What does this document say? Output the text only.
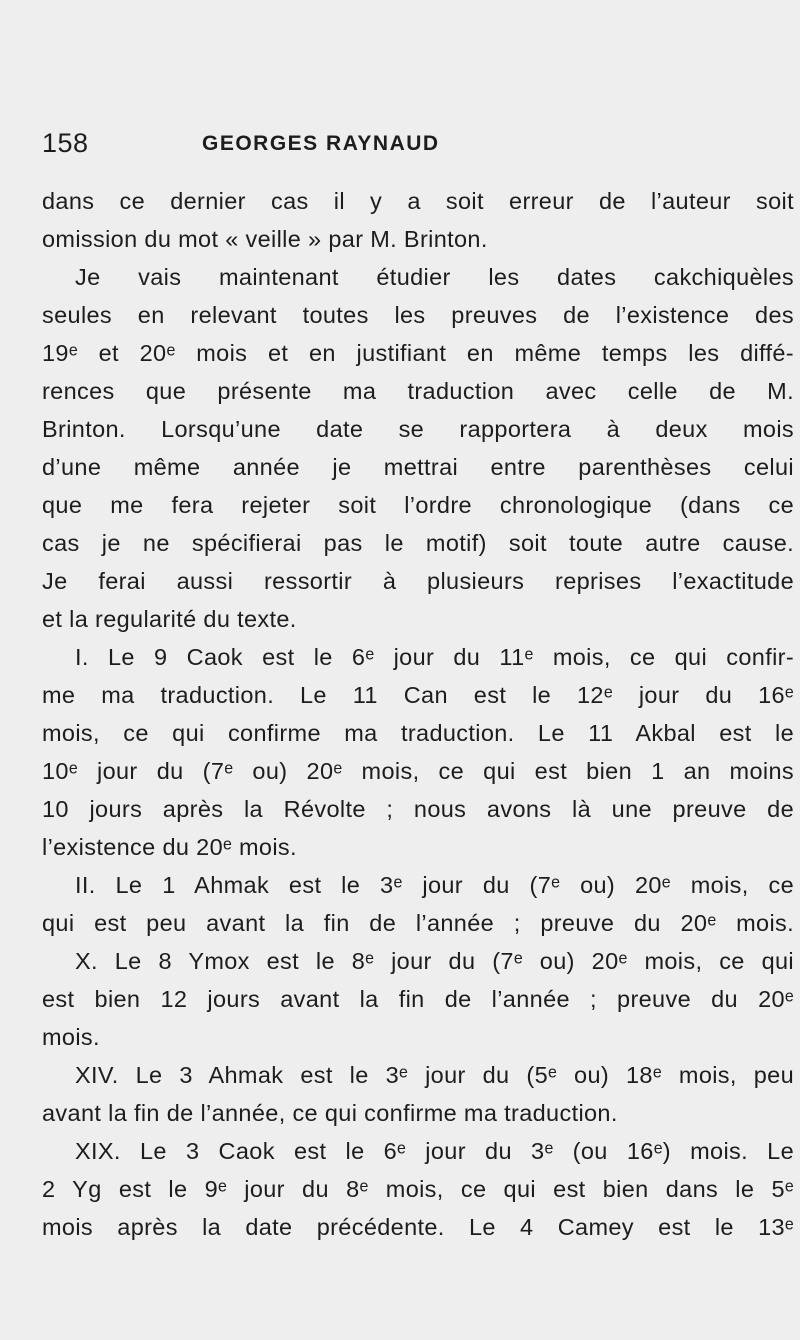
158	GEORGES RAYNAUD
dans ce dernier cas il y a soit erreur de l’auteur soit
omission du mot « veille » par M. Brinton.
Je vais maintenant étudier les dates cakchiquèles
seules en relevant toutes les preuves de l’existence des
19ᵉ et 20ᵉ mois et en justifiant en même temps les diffé-
rences que présente ma traduction avec celle de M.
Brinton. Lorsqu’une date se rapportera à deux mois
d’une même année je mettrai entre parenthèses celui
que me fera rejeter soit l’ordre chronologique (dans ce
cas je ne spécifierai pas le motif) soit toute autre cause.
Je ferai aussi ressortir à plusieurs reprises l’exactitude
et la regularité du texte.
I. Le 9 Caok est le 6ᵉ jour du 11ᵉ mois, ce qui confir-
me ma traduction. Le 11 Can est le 12ᵉ jour du 16ᵉ
mois, ce qui confirme ma traduction. Le 11 Akbal est le
10ᵉ jour du (7ᵉ ou) 20ᵉ mois, ce qui est bien 1 an moins
10 jours après la Révolte ; nous avons là une preuve de
l’existence du 20ᵉ mois.
II. Le 1 Ahmak est le 3ᵉ jour du (7ᵉ ou) 20ᵉ mois, ce
qui est peu avant la fin de l’année ; preuve du 20ᵉ mois.
X. Le 8 Ymox est le 8ᵉ jour du (7ᵉ ou) 20ᵉ mois, ce qui
est bien 12 jours avant la fin de l’année ; preuve du 20ᵉ
mois.
XIV. Le 3 Ahmak est le 3ᵉ jour du (5ᵉ ou) 18ᵉ mois, peu
avant la fin de l’année, ce qui confirme ma traduction.
XIX. Le 3 Caok est le 6ᵉ jour du 3ᵉ (ou 16ᵉ) mois. Le
2 Yg est le 9ᵉ jour du 8ᵉ mois, ce qui est bien dans le 5ᵉ
mois après la date précédente. Le 4 Camey est le 13ᵉ
